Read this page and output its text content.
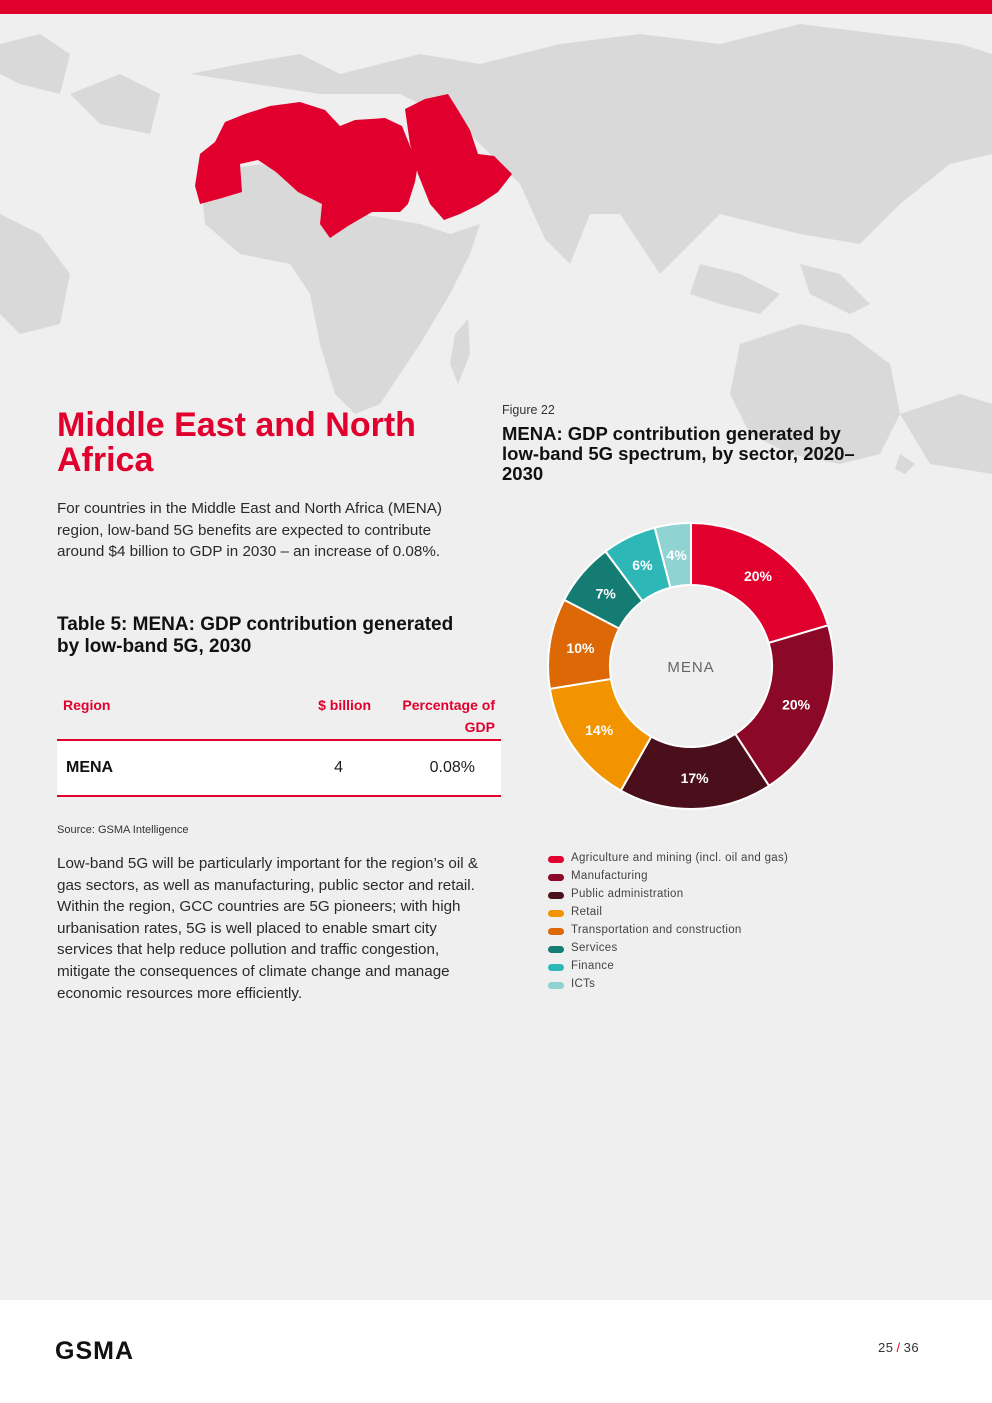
Middle East and North Africa

For countries in the Middle East and North Africa (MENA) region, low-band 5G benefits are expected to contribute around $4 billion to GDP in 2030 – an increase of 0.08%.

Table 5: MENA: GDP contribution generated by low-band 5G, 2030
Region	$ billion	Percentage of GDP
MENA	4	0.08%
Source: GSMA Intelligence

Low-band 5G will be particularly important for the region’s oil & gas sectors, as well as manufacturing, public sector and retail. Within the region, GCC countries are 5G pioneers; with high urbanisation rates, 5G is well placed to enable smart city services that help reduce pollution and traffic congestion, mitigate the consequences of climate change and manage economic resources more efficiently.

Figure 22
MENA: GDP contribution generated by low-band 5G spectrum, by sector, 2020–2030
20%
20%
17%
14%
10%
7%
6%
4%
MENA
Agriculture and mining (incl. oil and gas)
Manufacturing
Public administration
Retail
Transportation and construction
Services
Finance
ICTs
GSMA	25 / 36
